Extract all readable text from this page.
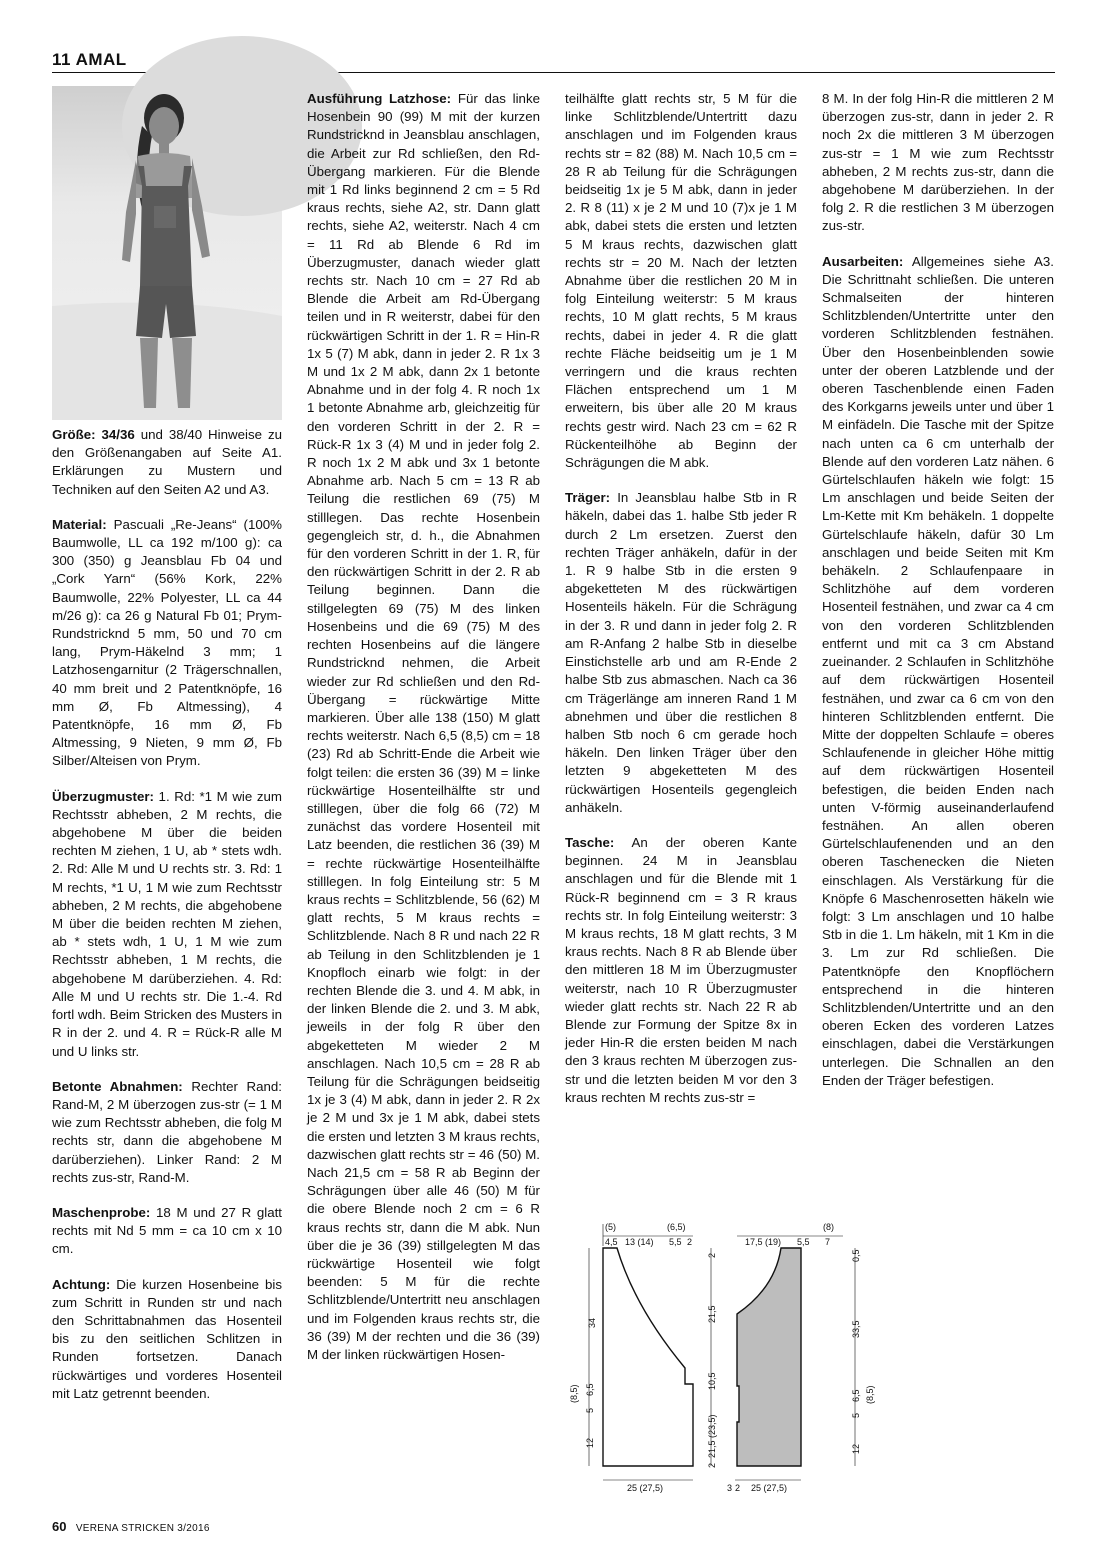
11 AMAL

Größe: 34/36 und 38/40 Hinweise zu den Größenangaben auf Seite A1. Erklärungen zu Mustern und Techniken auf den Seiten A2 und A3.

Material: Pascuali „Re-Jeans“ (100% Baumwolle, LL ca 192 m/100 g): ca 300 (350) g Jeansblau Fb 04 und „Cork Yarn“ (56% Kork, 22% Baumwolle, 22% Polyester, LL ca 44 m/26 g): ca 26 g Natural Fb 01; Prym-Rundstricknd 5 mm, 50 und 70 cm lang, Prym-Häkelnd 3 mm; 1 Latzhosengarnitur (2 Trägerschnallen, 40 mm breit und 2 Patentknöpfe, 16 mm Ø, Fb Altmessing), 4 Patentknöpfe, 16 mm Ø, Fb Altmessing, 9 Nieten, 9 mm Ø, Fb Silber/Alteisen von Prym.

Überzugmuster: 1. Rd: *1 M wie zum Rechtsstr abheben, 2 M rechts, die abgehobene M über die beiden rechten M ziehen, 1 U, ab * stets wdh. 2. Rd: Alle M und U rechts str. 3. Rd: 1 M rechts, *1 U, 1 M wie zum Rechtsstr abheben, 2 M rechts, die abgehobene M über die beiden rechten M ziehen, ab * stets wdh, 1 U, 1 M wie zum Rechtsstr abheben, 1 M rechts, die abgehobene M darüberziehen. 4. Rd: Alle M und U rechts str. Die 1.-4. Rd fortl wdh. Beim Stricken des Musters in R in der 2. und 4. R = Rück-R alle M und U links str.

Betonte Abnahmen: Rechter Rand: Rand-M, 2 M überzogen zus-str (= 1 M wie zum Rechtsstr abheben, die folg M rechts str, dann die abgehobene M darüberziehen). Linker Rand: 2 M rechts zus-str, Rand-M.

Maschenprobe: 18 M und 27 R glatt rechts mit Nd 5 mm = ca 10 cm x 10 cm.

Achtung: Die kurzen Hosenbeine bis zum Schritt in Runden str und nach den Schrittabnahmen das Hosenteil bis zu den seitlichen Schlitzen in Runden fortsetzen. Danach rückwärtiges und vorderes Hosenteil mit Latz getrennt beenden.

Ausführung Latzhose: Für das linke Hosenbein 90 (99) M mit der kurzen Rundstricknd in Jeansblau anschlagen, die Arbeit zur Rd schließen, den Rd-Übergang markieren. Für die Blende mit 1 Rd links beginnend 2 cm = 5 Rd kraus rechts, siehe A2, str. Dann glatt rechts, siehe A2, weiterstr. Nach 4 cm = 11 Rd ab Blende 6 Rd im Überzugmuster, danach wieder glatt rechts str. Nach 10 cm = 27 Rd ab Blende die Arbeit am Rd-Übergang teilen und in R weiterstr, dabei für den rückwärtigen Schritt in der 1. R = Hin-R 1x 5 (7) M abk, dann in jeder 2. R 1x 3 M und 1x 2 M abk, dann 2x 1 betonte Abnahme und in der folg 4. R noch 1x 1 betonte Abnahme arb, gleichzeitig für den vorderen Schritt in der 2. R = Rück-R 1x 3 (4) M und in jeder folg 2. R noch 1x 2 M abk und 3x 1 betonte Abnahme arb. Nach 5 cm = 13 R ab Teilung die restlichen 69 (75) M stilllegen. Das rechte Hosenbein gegengleich str, d. h., die Abnahmen für den vorderen Schritt in der 1. R, für den rückwärtigen Schritt in der 2. R ab Teilung beginnen. Dann die stillgelegten 69 (75) M des linken Hosenbeins und die 69 (75) M des rechten Hosenbeins auf die längere Rundstricknd nehmen, die Arbeit wieder zur Rd schließen und den Rd-Übergang = rückwärtige Mitte markieren. Über alle 138 (150) M glatt rechts weiterstr. Nach 6,5 (8,5) cm = 18 (23) Rd ab Schritt-Ende die Arbeit wie folgt teilen: die ersten 36 (39) M = linke rückwärtige Hosenteilhälfte str und stilllegen, über die folg 66 (72) M zunächst das vordere Hosenteil mit Latz beenden, die restlichen 36 (39) M = rechte rückwärtige Hosenteilhälfte stilllegen. In folg Einteilung str: 5 M kraus rechts = Schlitzblende, 56 (62) M glatt rechts, 5 M kraus rechts = Schlitzblende. Nach 8 R und nach 22 R ab Teilung in den Schlitzblenden je 1 Knopfloch einarb wie folgt: in der rechten Blende die 3. und 4. M abk, in der linken Blende die 2. und 3. M abk, jeweils in der folg R über den abgeketteten M wieder 2 M anschlagen. Nach 10,5 cm = 28 R ab Teilung für die Schrägungen beidseitig 1x je 3 (4) M abk, dann in jeder 2. R 2x je 2 M und 3x je 1 M abk, dabei stets die ersten und letzten 3 M kraus rechts, dazwischen glatt rechts str = 46 (50) M. Nach 21,5 cm = 58 R ab Beginn der Schrägungen über alle 46 (50) M für die obere Blende noch 2 cm = 6 R kraus rechts str, dann die M abk. Nun über die je 36 (39) stillgelegten M das rückwärtige Hosenteil wie folgt beenden: 5 M für die rechte Schlitzblende/Untertritt neu anschlagen und im Folgenden kraus rechts str, die 36 (39) M der rechten und die 36 (39) M der linken rückwärtigen Hosen-

teilhälfte glatt rechts str, 5 M für die linke Schlitzblende/Untertritt dazu anschlagen und im Folgenden kraus rechts str = 82 (88) M. Nach 10,5 cm = 28 R ab Teilung für die Schrägungen beidseitig 1x je 5 M abk, dann in jeder 2. R 8 (11) x je 2 M und 10 (7)x je 1 M abk, dabei stets die ersten und letzten 5 M kraus rechts, dazwischen glatt rechts str = 20 M. Nach der letzten Abnahme über die restlichen 20 M in folg Einteilung weiterstr: 5 M kraus rechts, 10 M glatt rechts, 5 M kraus rechts, dabei in jeder 4. R die glatt rechte Fläche beidseitig um je 1 M verringern und die kraus rechten Flächen entsprechend um 1 M erweitern, bis über alle 20 M kraus rechts gestr wird. Nach 23 cm = 62 R Rückenteilhöhe ab Beginn der Schrägungen die M abk.

Träger: In Jeansblau halbe Stb in R häkeln, dabei das 1. halbe Stb jeder R durch 2 Lm ersetzen. Zuerst den rechten Träger anhäkeln, dafür in der 1. R 9 halbe Stb in die ersten 9 abgeketteten M des rückwärtigen Hosenteils häkeln. Für die Schrägung in der 3. R und dann in jeder folg 2. R am R-Anfang 2 halbe Stb in dieselbe Einstichstelle arb und am R-Ende 2 halbe Stb zus abmaschen. Nach ca 36 cm Trägerlänge am inneren Rand 1 M abnehmen und über die restlichen 8 halben Stb noch 6 cm gerade hoch häkeln. Den linken Träger über den letzten 9 abgeketteten M des rückwärtigen Hosenteils gegengleich anhäkeln.

Tasche: An der oberen Kante beginnen. 24 M in Jeansblau anschlagen und für die Blende mit 1 Rück-R beginnend cm = 3 R kraus rechts str. In folg Einteilung weiterstr: 3 M kraus rechts, 18 M glatt rechts, 3 M kraus rechts. Nach 8 R ab Blende über den mittleren 18 M im Überzugmuster weiterstr, nach 10 R Überzugmuster wieder glatt rechts str. Nach 22 R ab Blende zur Formung der Spitze 8x in jeder Hin-R die ersten beiden M nach den 3 kraus rechten M überzogen zus-str und die letzten beiden M vor den 3 kraus rechten M rechts zus-str =

8 M. In der folg Hin-R die mittleren 2 M überzogen zus-str, dann in jeder 2. R noch 2x die mittleren 3 M überzogen zus-str = 1 M wie zum Rechtsstr abheben, 2 M rechts zus-str, dann die abgehobene M darüberziehen. In der folg 2. R die restlichen 3 M überzogen zus-str.

Ausarbeiten: Allgemeines siehe A3. Die Schrittnaht schließen. Die unteren Schmalseiten der hinteren Schlitzblenden/Untertritte unter den vorderen Schlitzblenden festnähen. Über den Hosenbeinblenden sowie unter der oberen Latzblende und der oberen Taschenblende einen Faden des Korkgarns jeweils unter und über 1 M einfädeln. Die Tasche mit der Spitze nach unten ca 6 cm unterhalb der Blende auf den vorderen Latz nähen. 6 Gürtelschlaufen häkeln wie folgt: 15 Lm anschlagen und beide Seiten der Lm-Kette mit Km behäkeln. 1 doppelte Gürtelschlaufe häkeln, dafür 30 Lm anschlagen und beide Seiten mit Km behäkeln. 2 Schlaufenpaare in Schlitzhöhe auf dem vorderen Hosenteil festnähen, und zwar ca 4 cm von den vorderen Schlitzblenden entfernt und mit ca 3 cm Abstand zueinander. 2 Schlaufen in Schlitzhöhe auf dem rückwärtigen Hosenteil festnähen, und zwar ca 6 cm von den hinteren Schlitzblenden entfernt. Die Mitte der doppelten Schlaufe = oberes Schlaufenende in gleicher Höhe mittig auf dem rückwärtigen Hosenteil befestigen, die beiden Enden nach unten V-förmig auseinanderlaufend festnähen. An allen oberen Gürtelschlaufenenden und an den oberen Taschenecken die Nieten einschlagen. Als Verstärkung für die Knöpfe 6 Maschenrosetten häkeln wie folgt: 3 Lm anschlagen und 10 halbe Stb in die 1. Lm häkeln, mit 1 Km in die 3. Lm zur Rd schließen. Die Patentknöpfe den Knopflöchern entsprechend in die hinteren Schlitzblenden/Untertritte und an den oberen Ecken des vorderen Latzes einschlagen, dabei die Verstärkungen unterlegen. Die Schnallen an den Enden der Träger befestigen.

(5)	(6,5)	(8)
4,5 13 (14) 5,5 2	17,5 (19) 5,5 7
34
(8,5)
5
6,5
12
2
21,5
10,5
21,5 (23,5)
2
0,5
33,5
12
5
6,5 (8,5)
25 (27,5)	3 2 25 (27,5)
60 VERENA STRICKEN 3/2016
